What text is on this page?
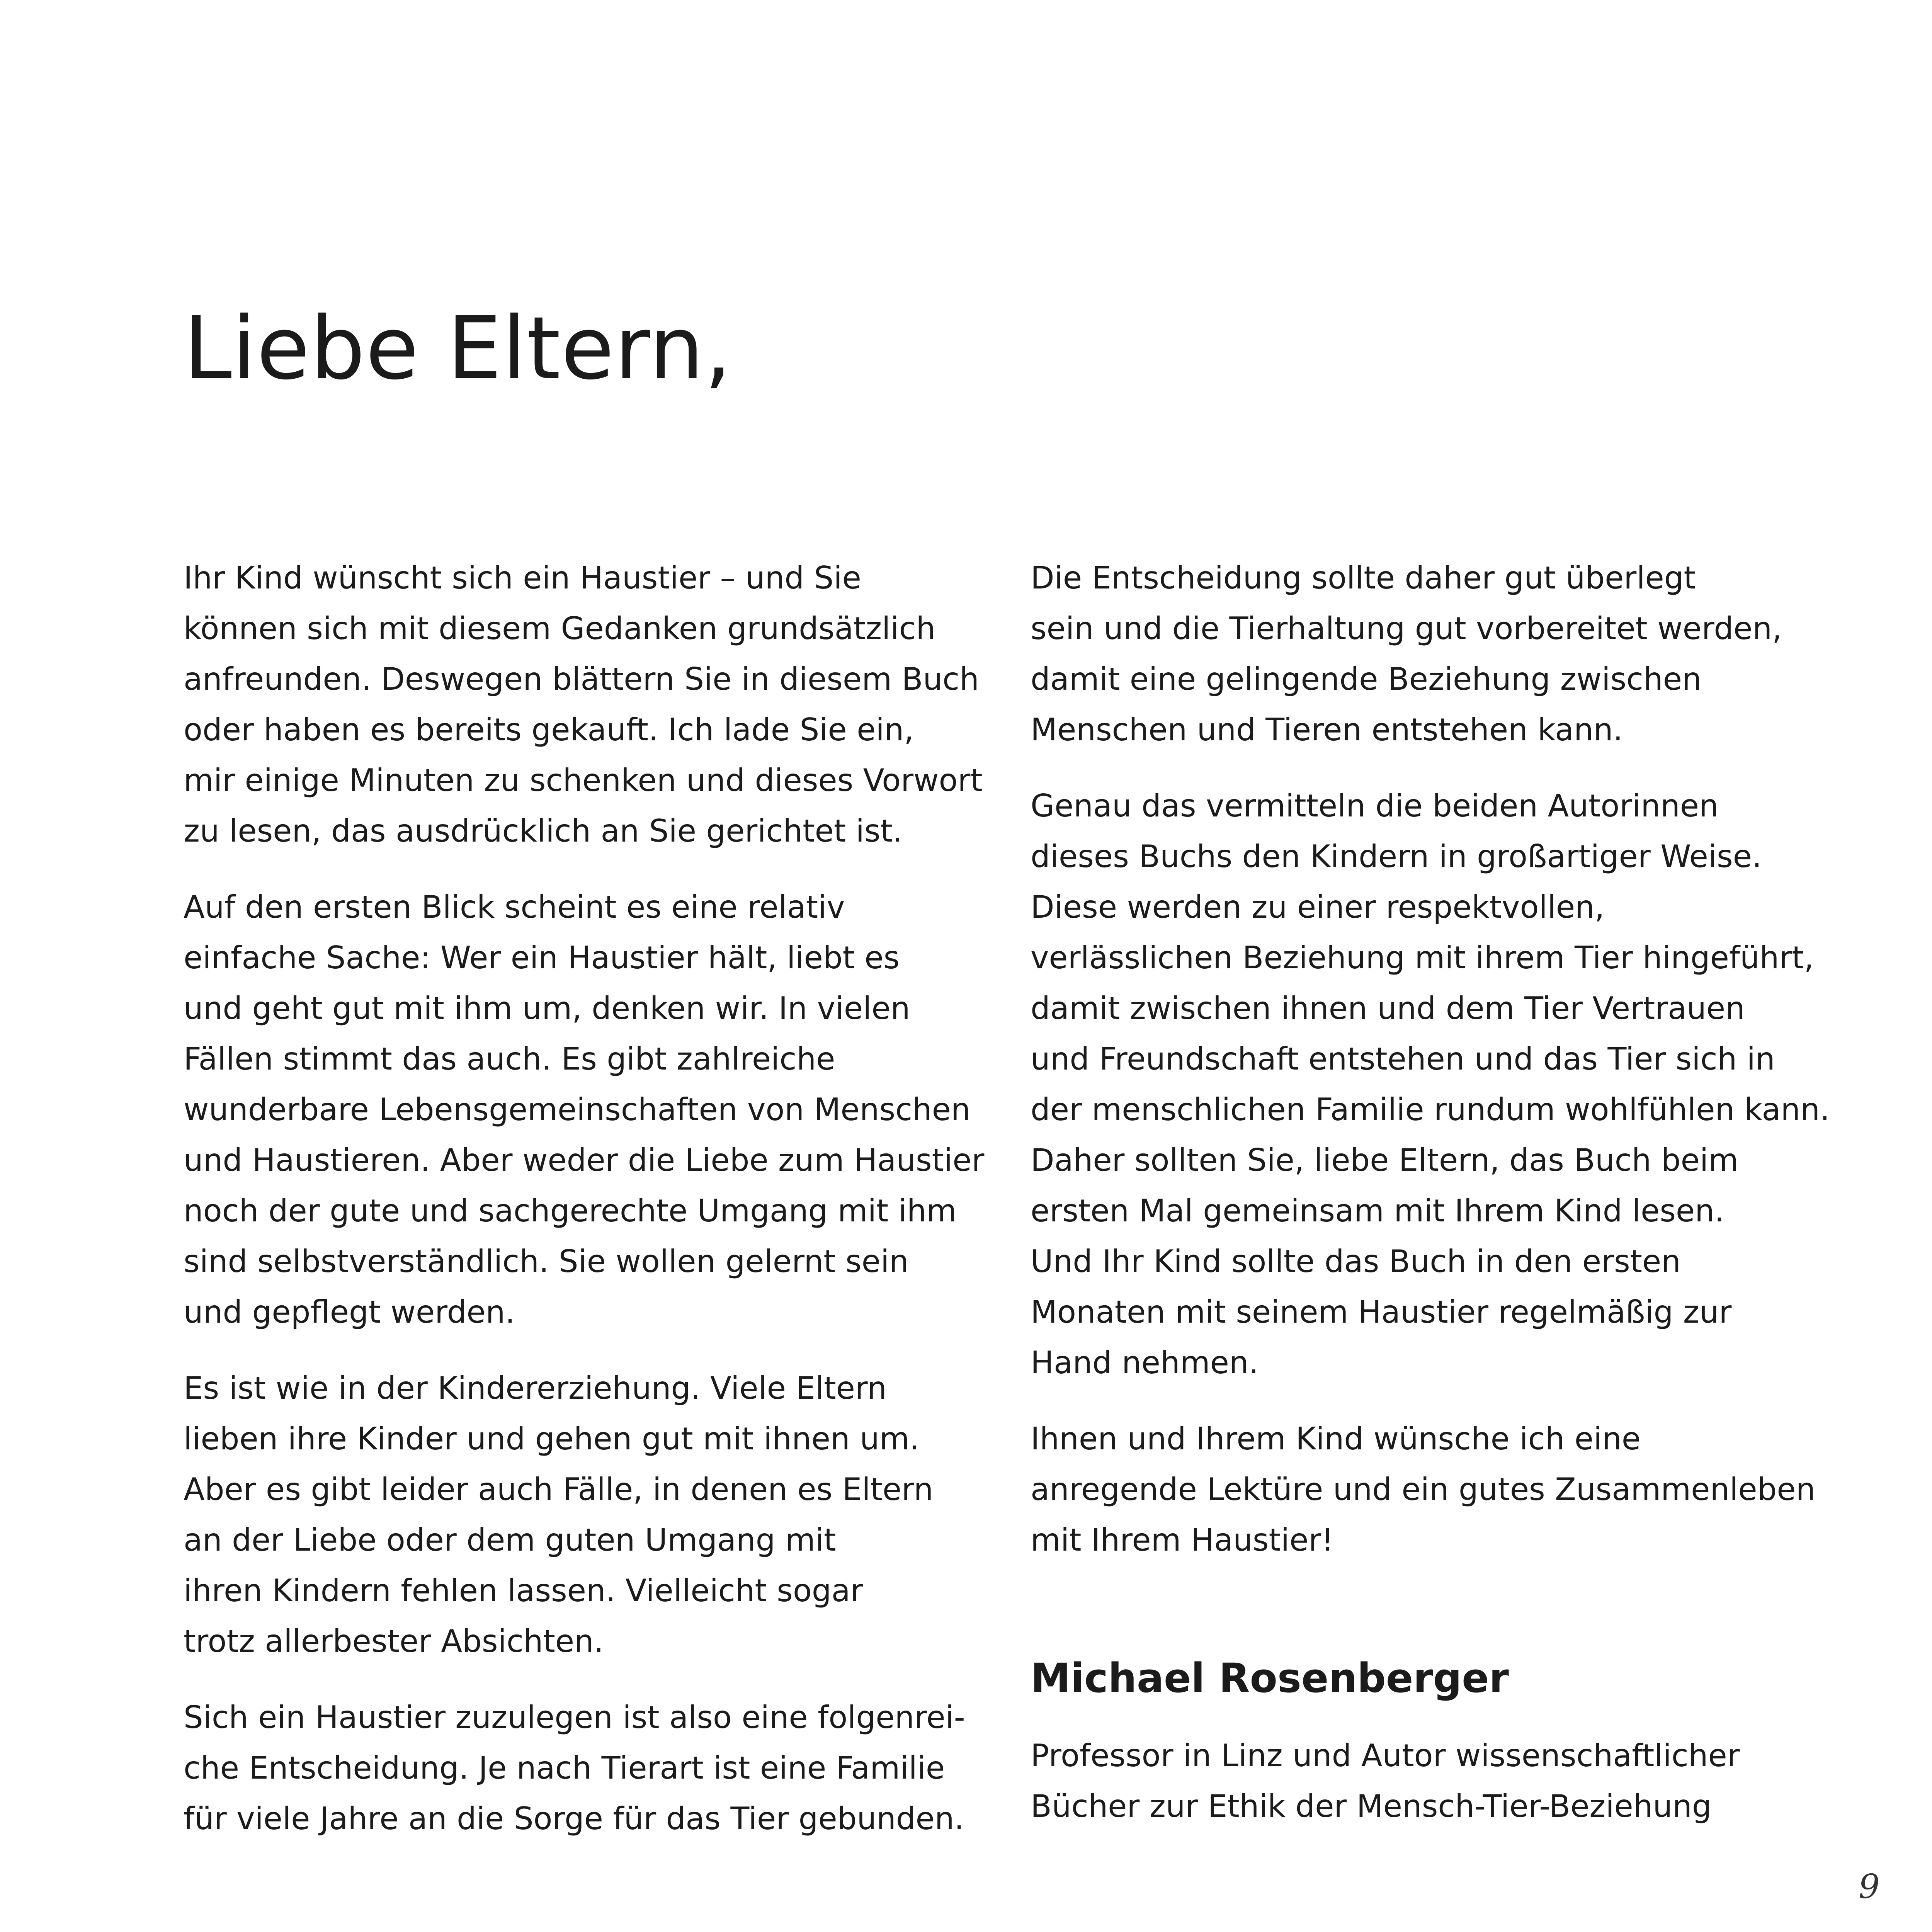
Liebe Eltern,

Ihr Kind wünscht sich ein Haustier – und Sie
können sich mit diesem Gedanken grundsätzlich
anfreunden. Deswegen blättern Sie in diesem Buch
oder haben es bereits gekauft. Ich lade Sie ein,
mir einige Minuten zu schenken und dieses Vorwort
zu lesen, das ausdrücklich an Sie gerichtet ist.

Auf den ersten Blick scheint es eine relativ
einfache Sache: Wer ein Haustier hält, liebt es
und geht gut mit ihm um, denken wir. In vielen
Fällen stimmt das auch. Es gibt zahlreiche
wunderbare Lebensgemeinschaften von Menschen
und Haustieren. Aber weder die Liebe zum Haustier
noch der gute und sachgerechte Umgang mit ihm
sind selbstverständlich. Sie wollen gelernt sein
und gepflegt werden.

Es ist wie in der Kindererziehung. Viele Eltern
lieben ihre Kinder und gehen gut mit ihnen um.
Aber es gibt leider auch Fälle, in denen es Eltern
an der Liebe oder dem guten Umgang mit
ihren Kindern fehlen lassen. Vielleicht sogar
trotz allerbester Absichten.

Sich ein Haustier zuzulegen ist also eine folgenrei-
che Entscheidung. Je nach Tierart ist eine Familie
für viele Jahre an die Sorge für das Tier gebunden.

Die Entscheidung sollte daher gut überlegt
sein und die Tierhaltung gut vorbereitet werden,
damit eine gelingende Beziehung zwischen
Menschen und Tieren entstehen kann.

Genau das vermitteln die beiden Autorinnen
dieses Buchs den Kindern in großartiger Weise.
Diese werden zu einer respektvollen,
verlässlichen Beziehung mit ihrem Tier hingeführt,
damit zwischen ihnen und dem Tier Vertrauen
und Freundschaft entstehen und das Tier sich in
der menschlichen Familie rundum wohlfühlen kann.
Daher sollten Sie, liebe Eltern, das Buch beim
ersten Mal gemeinsam mit Ihrem Kind lesen.
Und Ihr Kind sollte das Buch in den ersten
Monaten mit seinem Haustier regelmäßig zur
Hand nehmen.

Ihnen und Ihrem Kind wünsche ich eine
anregende Lektüre und ein gutes Zusammenleben
mit Ihrem Haustier!

Michael Rosenberger

Professor in Linz und Autor wissenschaftlicher
Bücher zur Ethik der Mensch-Tier-Beziehung

9
